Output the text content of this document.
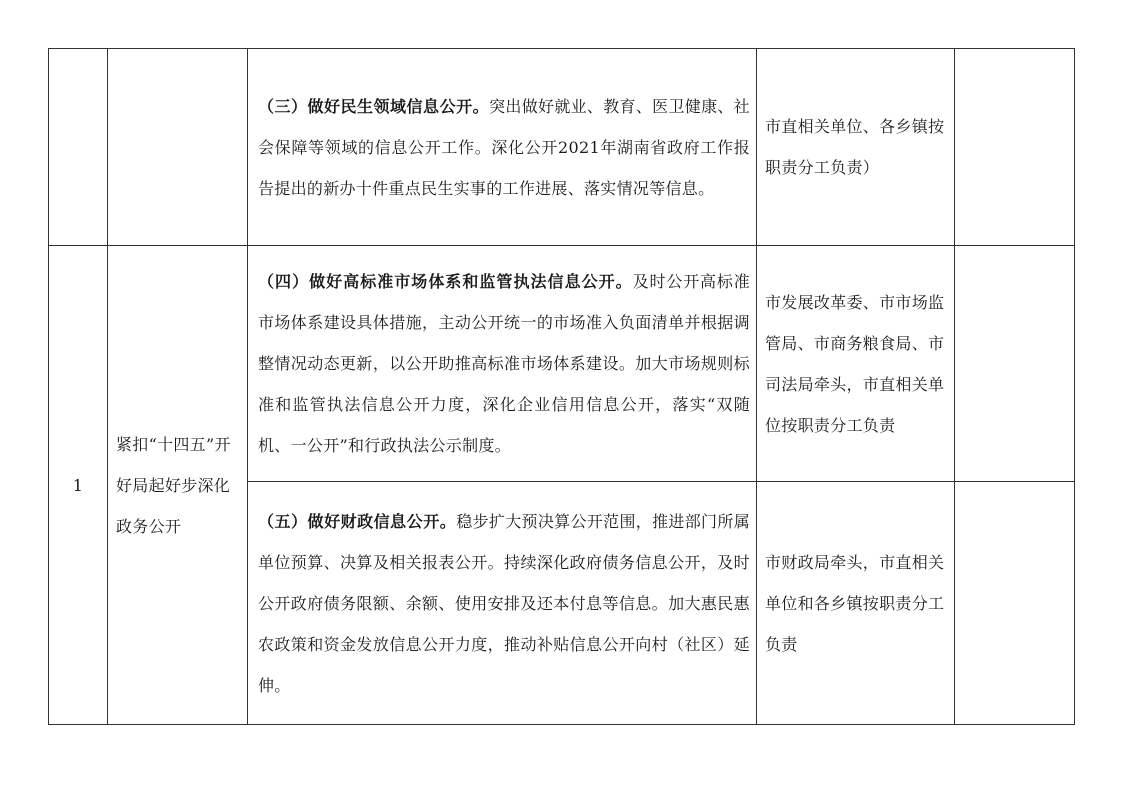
		（三）做好民生领域信息公开。突出做好就业、教育、医卫健康、社会保障等领域的信息公开工作。深化公开2021年湖南省政府工作报告提出的新办十件重点民生实事的工作进展、落实情况等信息。	市直相关单位、各乡镇按职责分工负责）	
1	紧扣“十四五”开好局起好步深化政务公开	（四）做好高标准市场体系和监管执法信息公开。及时公开高标准市场体系建设具体措施，主动公开统一的市场准入负面清单并根据调整情况动态更新，以公开助推高标准市场体系建设。加大市场规则标准和监管执法信息公开力度，深化企业信用信息公开，落实“双随机、一公开”和行政执法公示制度。	市发展改革委、市市场监管局、市商务粮食局、市司法局牵头，市直相关单位按职责分工负责	
		（五）做好财政信息公开。稳步扩大预决算公开范围，推进部门所属单位预算、决算及相关报表公开。持续深化政府债务信息公开，及时公开政府债务限额、余额、使用安排及还本付息等信息。加大惠民惠农政策和资金发放信息公开力度，推动补贴信息公开向村（社区）延伸。	市财政局牵头，市直相关单位和各乡镇按职责分工负责	
